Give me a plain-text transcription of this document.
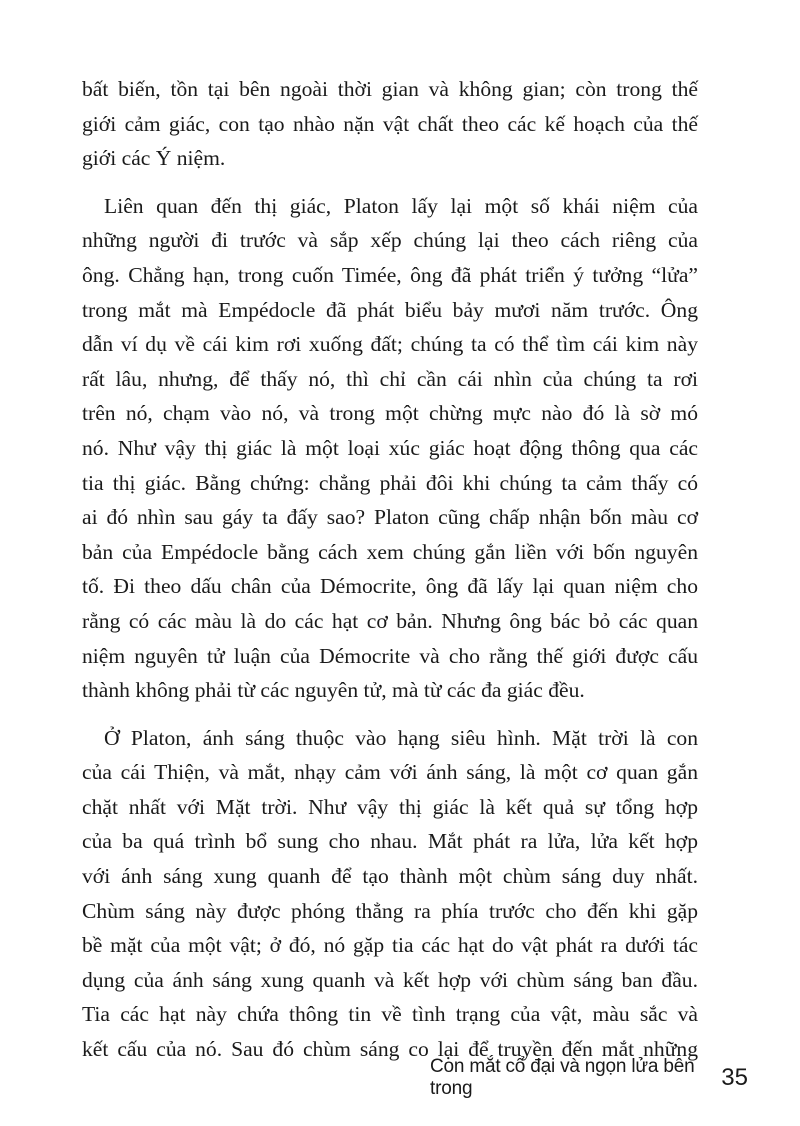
bất biến, tồn tại bên ngoài thời gian và không gian; còn trong thế
giới cảm giác, con tạo nhào nặn vật chất theo các kế hoạch của thế
giới các Ý niệm.
Liên quan đến thị giác, Platon lấy lại một số khái niệm của
những người đi trước và sắp xếp chúng lại theo cách riêng của
ông. Chẳng hạn, trong cuốn Timée, ông đã phát triển ý tưởng “lửa”
trong mắt mà Empédocle đã phát biểu bảy mươi năm trước. Ông
dẫn ví dụ về cái kim rơi xuống đất; chúng ta có thể tìm cái kim này
rất lâu, nhưng, để thấy nó, thì chỉ cần cái nhìn của chúng ta rơi
trên nó, chạm vào nó, và trong một chừng mực nào đó là sờ mó
nó. Như vậy thị giác là một loại xúc giác hoạt động thông qua các
tia thị giác. Bằng chứng: chẳng phải đôi khi chúng ta cảm thấy có
ai đó nhìn sau gáy ta đấy sao? Platon cũng chấp nhận bốn màu cơ
bản của Empédocle bằng cách xem chúng gắn liền với bốn nguyên
tố. Đi theo dấu chân của Démocrite, ông đã lấy lại quan niệm cho
rằng có các màu là do các hạt cơ bản. Nhưng ông bác bỏ các quan
niệm nguyên tử luận của Démocrite và cho rằng thế giới được cấu
thành không phải từ các nguyên tử, mà từ các đa giác đều.
Ở Platon, ánh sáng thuộc vào hạng siêu hình. Mặt trời là con
của cái Thiện, và mắt, nhạy cảm với ánh sáng, là một cơ quan gắn
chặt nhất với Mặt trời. Như vậy thị giác là kết quả sự tổng hợp
của ba quá trình bổ sung cho nhau. Mắt phát ra lửa, lửa kết hợp
với ánh sáng xung quanh để tạo thành một chùm sáng duy nhất.
Chùm sáng này được phóng thẳng ra phía trước cho đến khi gặp
bề mặt của một vật; ở đó, nó gặp tia các hạt do vật phát ra dưới tác
dụng của ánh sáng xung quanh và kết hợp với chùm sáng ban đầu.
Tia các hạt này chứa thông tin về tình trạng của vật, màu sắc và
kết cấu của nó. Sau đó chùm sáng co lại để truyền đến mắt những
Con mắt cổ đại và ngọn lửa bên trong	35
